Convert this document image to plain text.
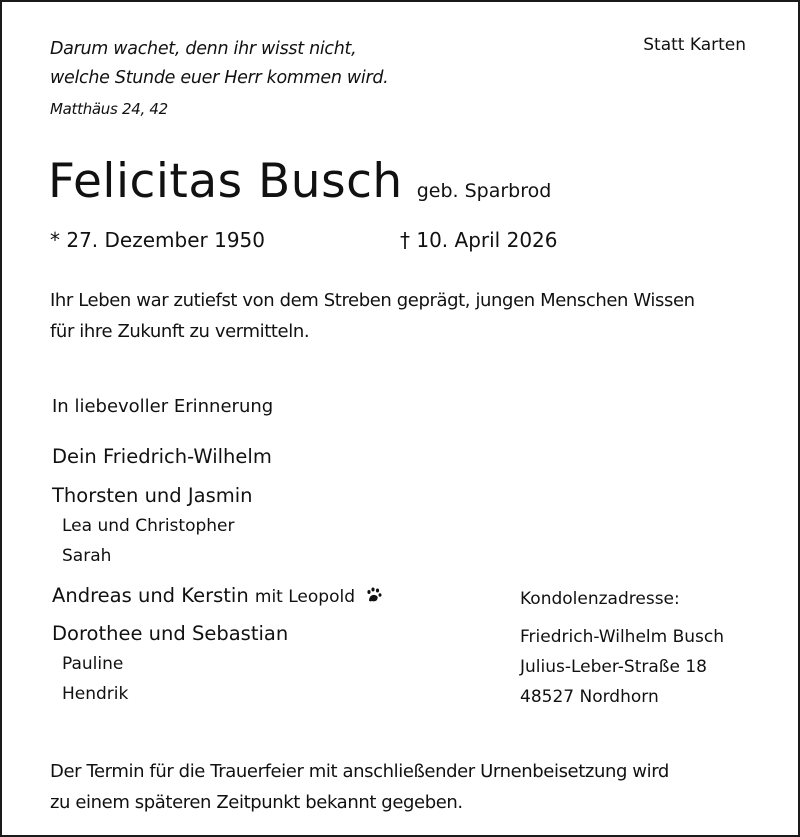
Darum wachet, denn ihr wisst nicht,
welche Stunde euer Herr kommen wird.
Matthäus 24, 42
Statt Karten
Felicitas Busch geb. Sparbrod
* 27. Dezember 1950	† 10. April 2026
Ihr Leben war zutiefst von dem Streben geprägt, jungen Menschen Wissen
für ihre Zukunft zu vermitteln.
In liebevoller Erinnerung
Dein Friedrich-Wilhelm
Thorsten und Jasmin
Lea und Christopher
Sarah
Andreas und Kerstin mit Leopold
Dorothee und Sebastian
Pauline
Hendrik
Kondolenzadresse:
Friedrich-Wilhelm Busch
Julius-Leber-Straße 18
48527 Nordhorn
Der Termin für die Trauerfeier mit anschließender Urnenbeisetzung wird
zu einem späteren Zeitpunkt bekannt gegeben.
